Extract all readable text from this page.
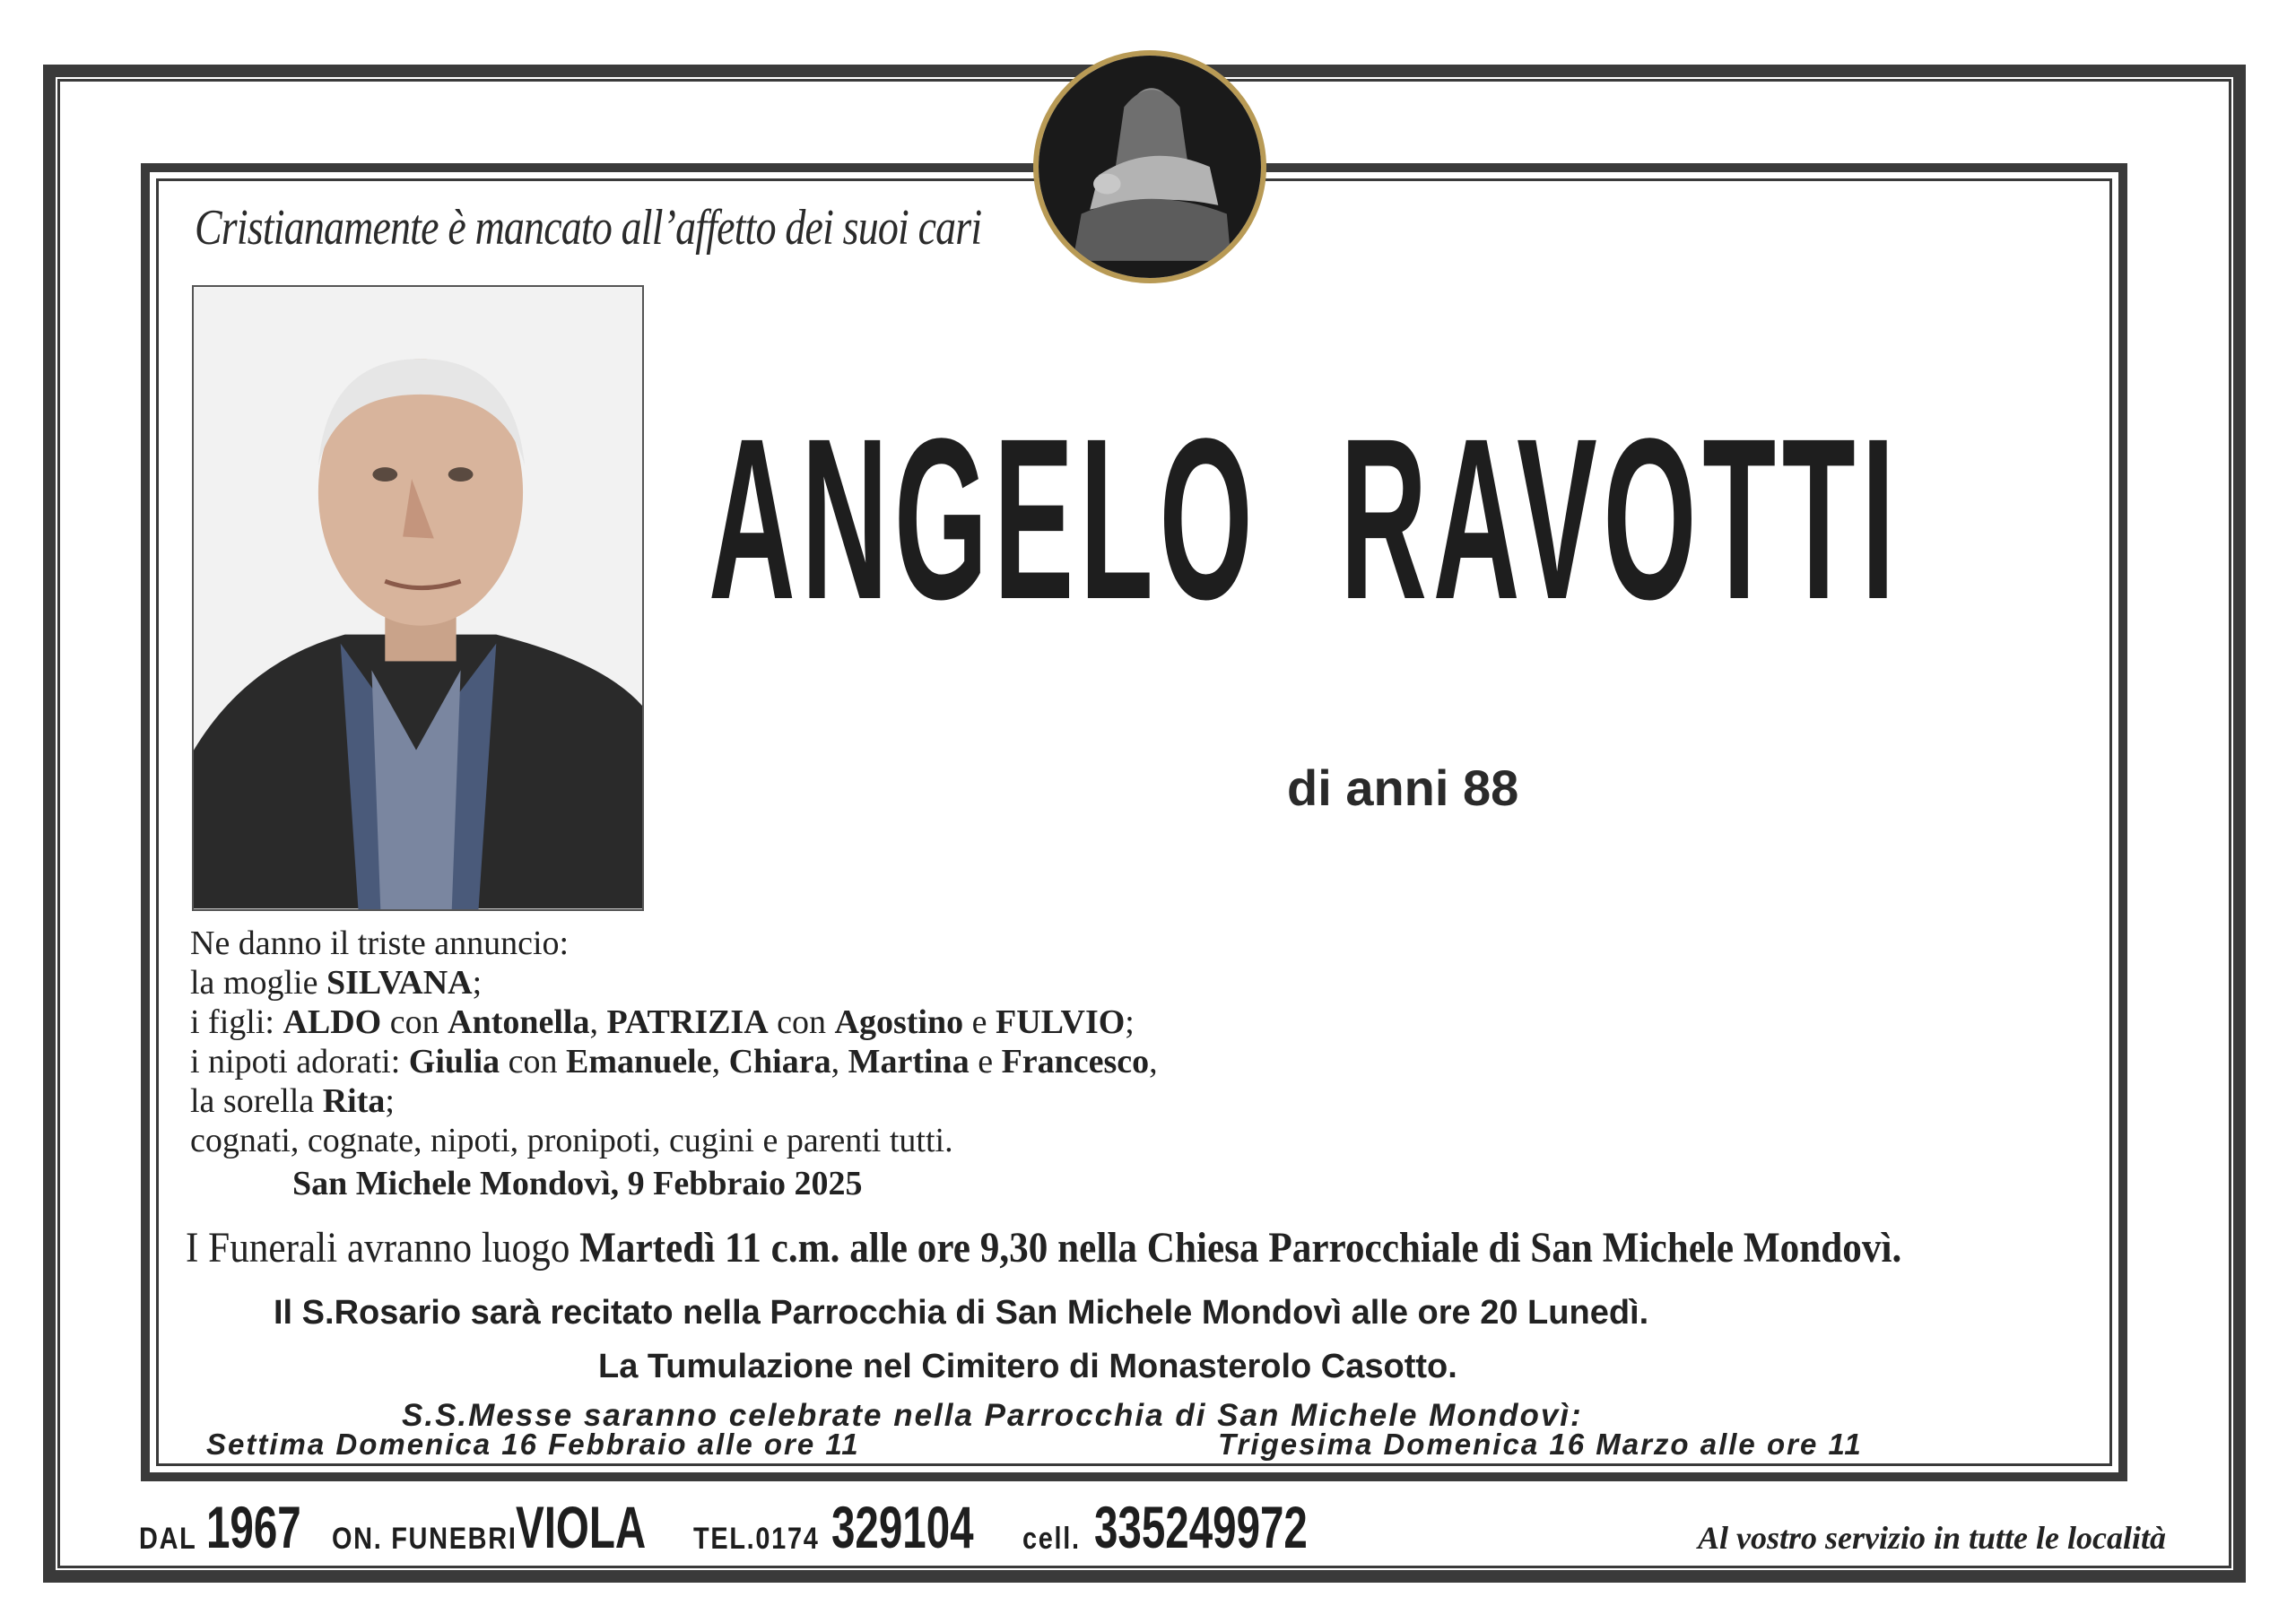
Cristianamente è mancato all’affetto dei suoi cari
ANGELO RAVOTTI
di anni 88
Ne danno il triste annuncio:
la moglie SILVANA;
i figli: ALDO con Antonella, PATRIZIA con Agostino e FULVIO;
i nipoti adorati: Giulia con Emanuele, Chiara, Martina e Francesco,
la sorella Rita;
cognati, cognate, nipoti, pronipoti, cugini e parenti tutti.
San Michele Mondovì, 9 Febbraio 2025
I Funerali avranno luogo Martedì 11 c.m. alle ore 9,30 nella Chiesa Parrocchiale di San Michele Mondovì.
Il S.Rosario sarà recitato nella Parrocchia di San Michele Mondovì alle ore 20 Lunedì.
La Tumulazione nel Cimitero di Monasterolo Casotto.
S.S.Messe saranno celebrate nella Parrocchia di San Michele Mondovì:
Settima Domenica 16 Febbraio alle ore 11	Trigesima Domenica 16 Marzo alle ore 11
DAL 1967 ON. FUNEBRI
VIOLA TEL.0174 329104 cell. 335249972	Al vostro servizio in tutte le località
